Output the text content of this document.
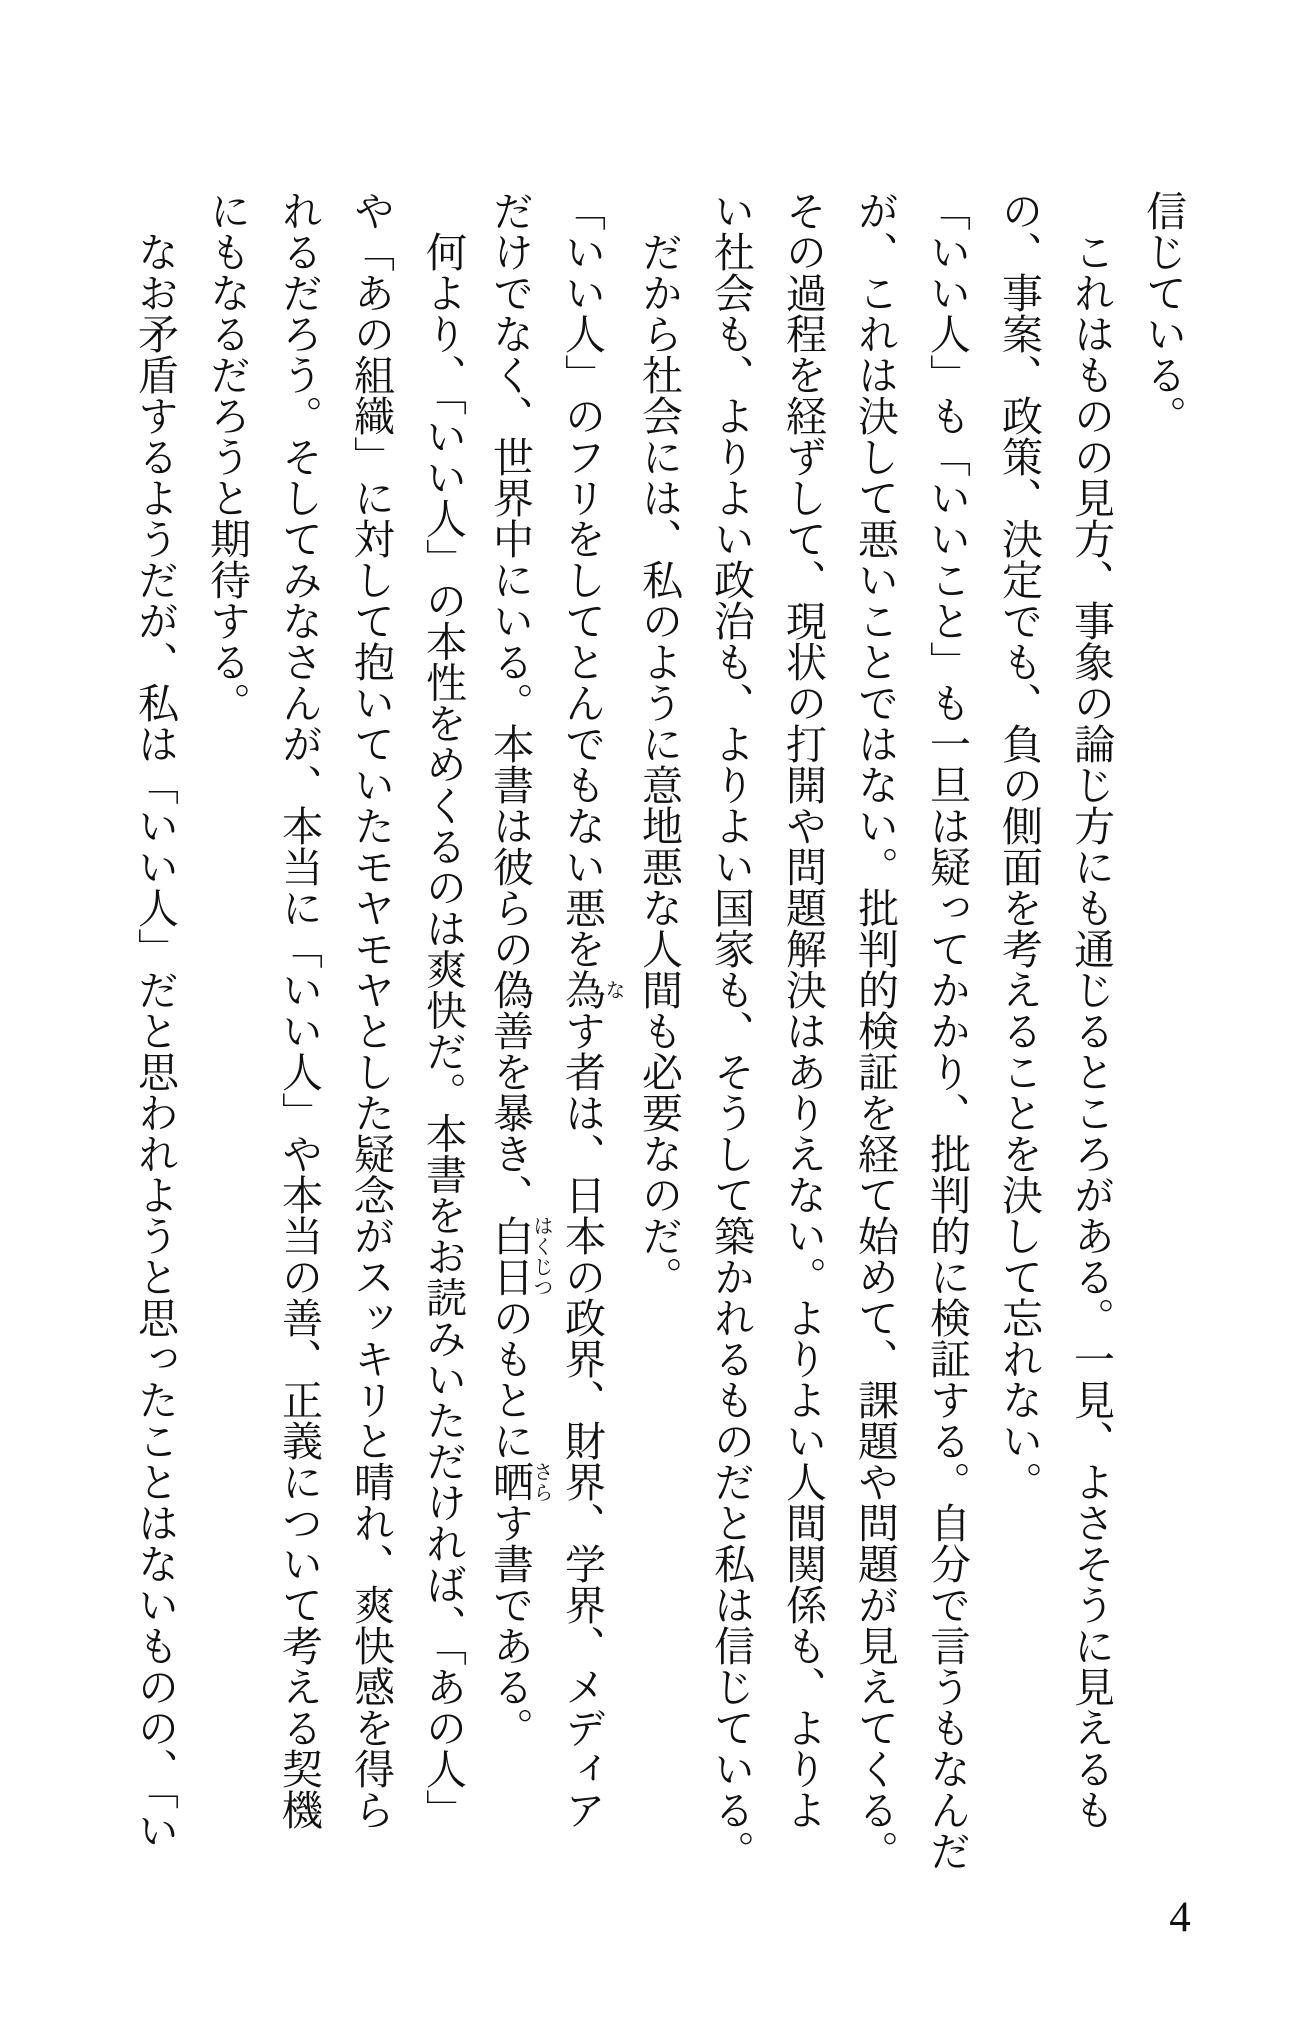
信じている。
これはものの見方、事象の論じ方にも通じるところがある。一見、よさそうに見えるも
の、事案、政策、決定でも、負の側面を考えることを決して忘れない。
「いい人」も「いいこと」も一旦は疑ってかかり、批判的に検証する。自分で言うもなんだ
が、これは決して悪いことではない。批判的検証を経て始めて、課題や問題が見えてくる。
その過程を経ずして、現状の打開や問題解決はありえない。よりよい人間関係も、よりよ
い社会も、よりよい政治も、よりよい国家も、そうして築かれるものだと私は信じている。
だから社会には、私のように意地悪な人間も必要なのだ。
「いい人」のフリをしてとんでもない悪を為なす者は、日本の政界、財界、学界、メディア
だけでなく、世界中にいる。本書は彼らの偽善を暴き、白日はくじつのもとに晒さらす書である。
何より、「いい人」の本性をめくるのは爽快だ。本書をお読みいただければ、「あの人」
や「あの組織」に対して抱いていたモヤモヤとした疑念がスッキリと晴れ、爽快感を得ら
れるだろう。そしてみなさんが、本当に「いい人」や本当の善、正義について考える契機
にもなるだろうと期待する。
なお矛盾するようだが、私は「いい人」だと思われようと思ったことはないものの、「い
4
